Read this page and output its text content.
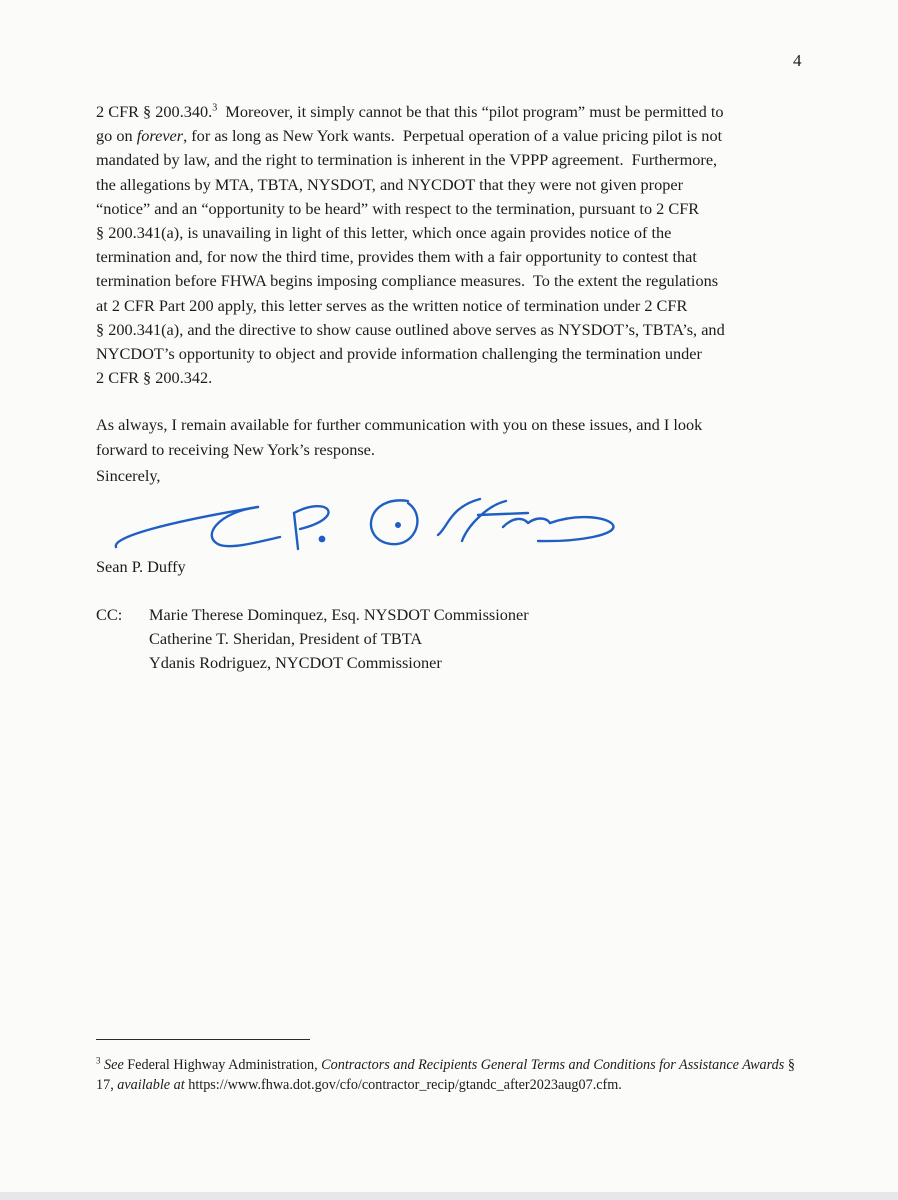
4

2 CFR § 200.340.$^3$  Moreover, it simply cannot be that this “pilot program” must be permitted to
go on forever, for as long as New York wants.  Perpetual operation of a value pricing pilot is not
mandated by law, and the right to termination is inherent in the VPPP agreement.  Furthermore,
the allegations by MTA, TBTA, NYSDOT, and NYCDOT that they were not given proper
“notice” and an “opportunity to be heard” with respect to the termination, pursuant to 2 CFR
§ 200.341(a), is unavailing in light of this letter, which once again provides notice of the
termination and, for now the third time, provides them with a fair opportunity to contest that
termination before FHWA begins imposing compliance measures.  To the extent the regulations
at 2 CFR Part 200 apply, this letter serves as the written notice of termination under 2 CFR
§ 200.341(a), and the directive to show cause outlined above serves as NYSDOT’s, TBTA’s, and
NYCDOT’s opportunity to object and provide information challenging the termination under
2 CFR § 200.342.

As always, I remain available for further communication with you on these issues, and I look
forward to receiving New York’s response.

Sincerely,
Sean P. Duffy
CC: Marie Therese Dominquez, Esq. NYSDOT Commissioner
Catherine T. Sheridan, President of TBTA
Ydanis Rodriguez, NYCDOT Commissioner
$^3$ See Federal Highway Administration, Contractors and Recipients General Terms and Conditions for Assistance Awards § 17, available at https://www.fhwa.dot.gov/cfo/contractor_recip/gtandc_after2023aug07.cfm.
